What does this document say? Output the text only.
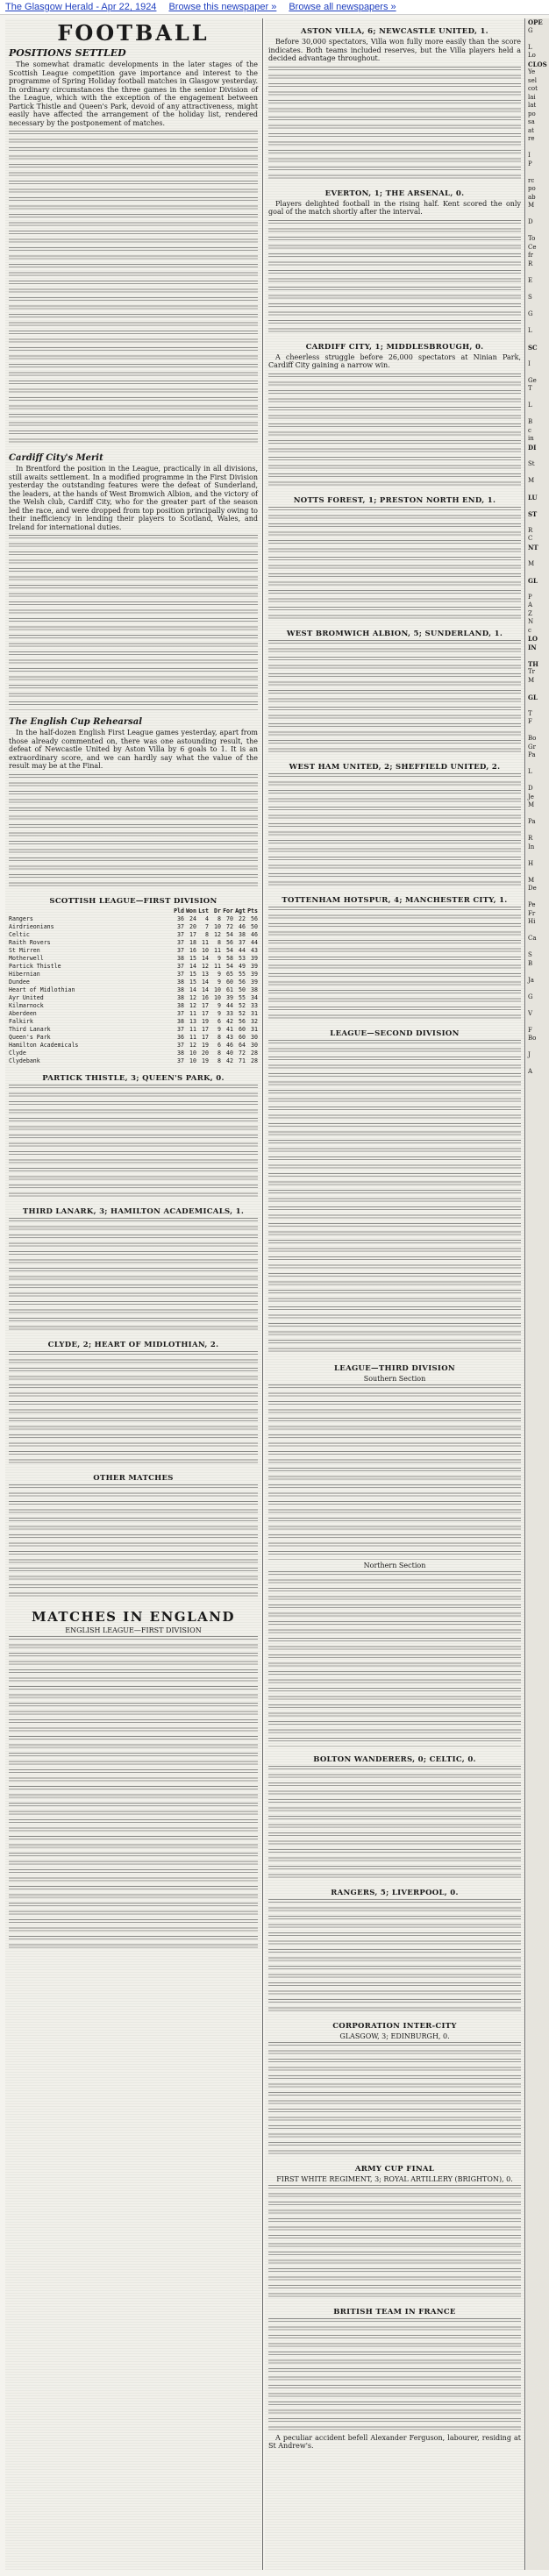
The Glasgow Herald - Apr 22, 1924 Browse this newspaper » Browse all newspapers »
FOOTBALL
POSITIONS SETTLED

The somewhat dramatic developments in the later stages of the Scottish League competition gave importance and interest to the programme of Spring Holiday football matches in Glasgow yesterday. In ordinary circumstances the three games in the senior Division of the League, which with the exception of the engagement between Partick Thistle and Queen's Park, devoid of any attractiveness, might easily have affected the arrangement of the holiday list, rendered necessary by the postponement of matches.

Cardiff City's Merit

In Brentford the position in the League, practically in all divisions, still awaits settlement. In a modified programme in the First Division yesterday the outstanding features were the defeat of Sunderland, the leaders, at the hands of West Bromwich Albion, and the victory of the Welsh club, Cardiff City, who for the greater part of the season led the race, and were dropped from top position principally owing to their inefficiency in lending their players to Scotland, Wales, and Ireland for international duties.

The English Cup Rehearsal

In the half-dozen English First League games yesterday, apart from those already commented on, there was one astounding result, the defeat of Newcastle United by Aston Villa by 6 goals to 1. It is an extraordinary score, and we can hardly say what the value of the result may be at the Final.

SCOTTISH LEAGUE—FIRST DIVISION
Pld Won Lst Dr For Agt Pts
Rangers	36 24	4	8 70 22 56
Airdrieonians	37 20	7 10 72 46 50
Celtic	37 17	8 12 54 38 46
Raith Rovers	37 18 11	8 56 37 44
St Mirren	37 16 10 11 54 44 43
Motherwell	38 15 14	9 58 53 39
Partick Thistle	37 14 12 11 54 49 39
Hibernian	37 15 13	9 65 55 39
Dundee	38 15 14	9 60 56 39
Heart of Midlothian	38 14 14 10 61 50 38
Ayr United	38 12 16 10 39 55 34
Kilmarnock	38 12 17	9 44 52 33
Aberdeen	37 11 17	9 33 52 31
Falkirk	38 13 19	6 42 56 32
Third Lanark	37 11 17	9 41 60 31
Queen's Park	36 11 17	8 43 60 30
Hamilton Academicals	37 12 19	6 46 64 30
Clyde	38 10 20	8 40 72 28
Clydebank	37 10 19	8 42 71 28
PARTICK THISTLE, 3; QUEEN'S PARK, 0.
THIRD LANARK, 3; HAMILTON ACADEMICALS, 1.
CLYDE, 2; HEART OF MIDLOTHIAN, 2.
OTHER MATCHES
MATCHES IN ENGLAND
ENGLISH LEAGUE—FIRST DIVISION
ASTON VILLA, 6; NEWCASTLE UNITED, 1.

Before 30,000 spectators, Villa won fully more easily than the score indicates. Both teams included reserves, but the Villa players held a decided advantage throughout.

EVERTON, 1; THE ARSENAL, 0.

Players delighted football in the rising half. Kent scored the only goal of the match shortly after the interval.

CARDIFF CITY, 1; MIDDLESBROUGH, 0.

A cheerless struggle before 26,000 spectators at Ninian Park, Cardiff City gaining a narrow win.

NOTTS FOREST, 1; PRESTON NORTH END, 1.
WEST BROMWICH ALBION, 5; SUNDERLAND, 1.
WEST HAM UNITED, 2; SHEFFIELD UNITED, 2.
TOTTENHAM HOTSPUR, 4; MANCHESTER CITY, 1.
LEAGUE—SECOND DIVISION
LEAGUE—THIRD DIVISION
Southern Section
Northern Section
BOLTON WANDERERS, 0; CELTIC, 0.
RANGERS, 5; LIVERPOOL, 0.
CORPORATION INTER-CITY
GLASGOW, 3; EDINBURGH, 0.
ARMY CUP FINAL
FIRST WHITE REGIMENT, 3; ROYAL ARTILLERY (BRIGHTON), 0.
BRITISH TEAM IN FRANCE

A peculiar accident befell Alexander Ferguson, labourer, residing at St Andrew's.

OPE
G

L
Lo
CLOS
Ye
sel
cot
lai
lat
po
sa
at
re

I
P

rc
po
ab
M

D

To
Ce
fr
R

E

S

G

L

SC

I

Ge
T

L

B
c
in
DI

St

M

LU

ST

R
C
NT

M

GL

P
A
Z
N
c
LO
IN

TH
Tr
M

GL

T
F

Bo
Gr
Pa

L

D
Je
M

Pa

R
In

H

M
De

Pe
Fr
Hi

Ca

S
B

Ja

G

V

F
Bo

J

A
